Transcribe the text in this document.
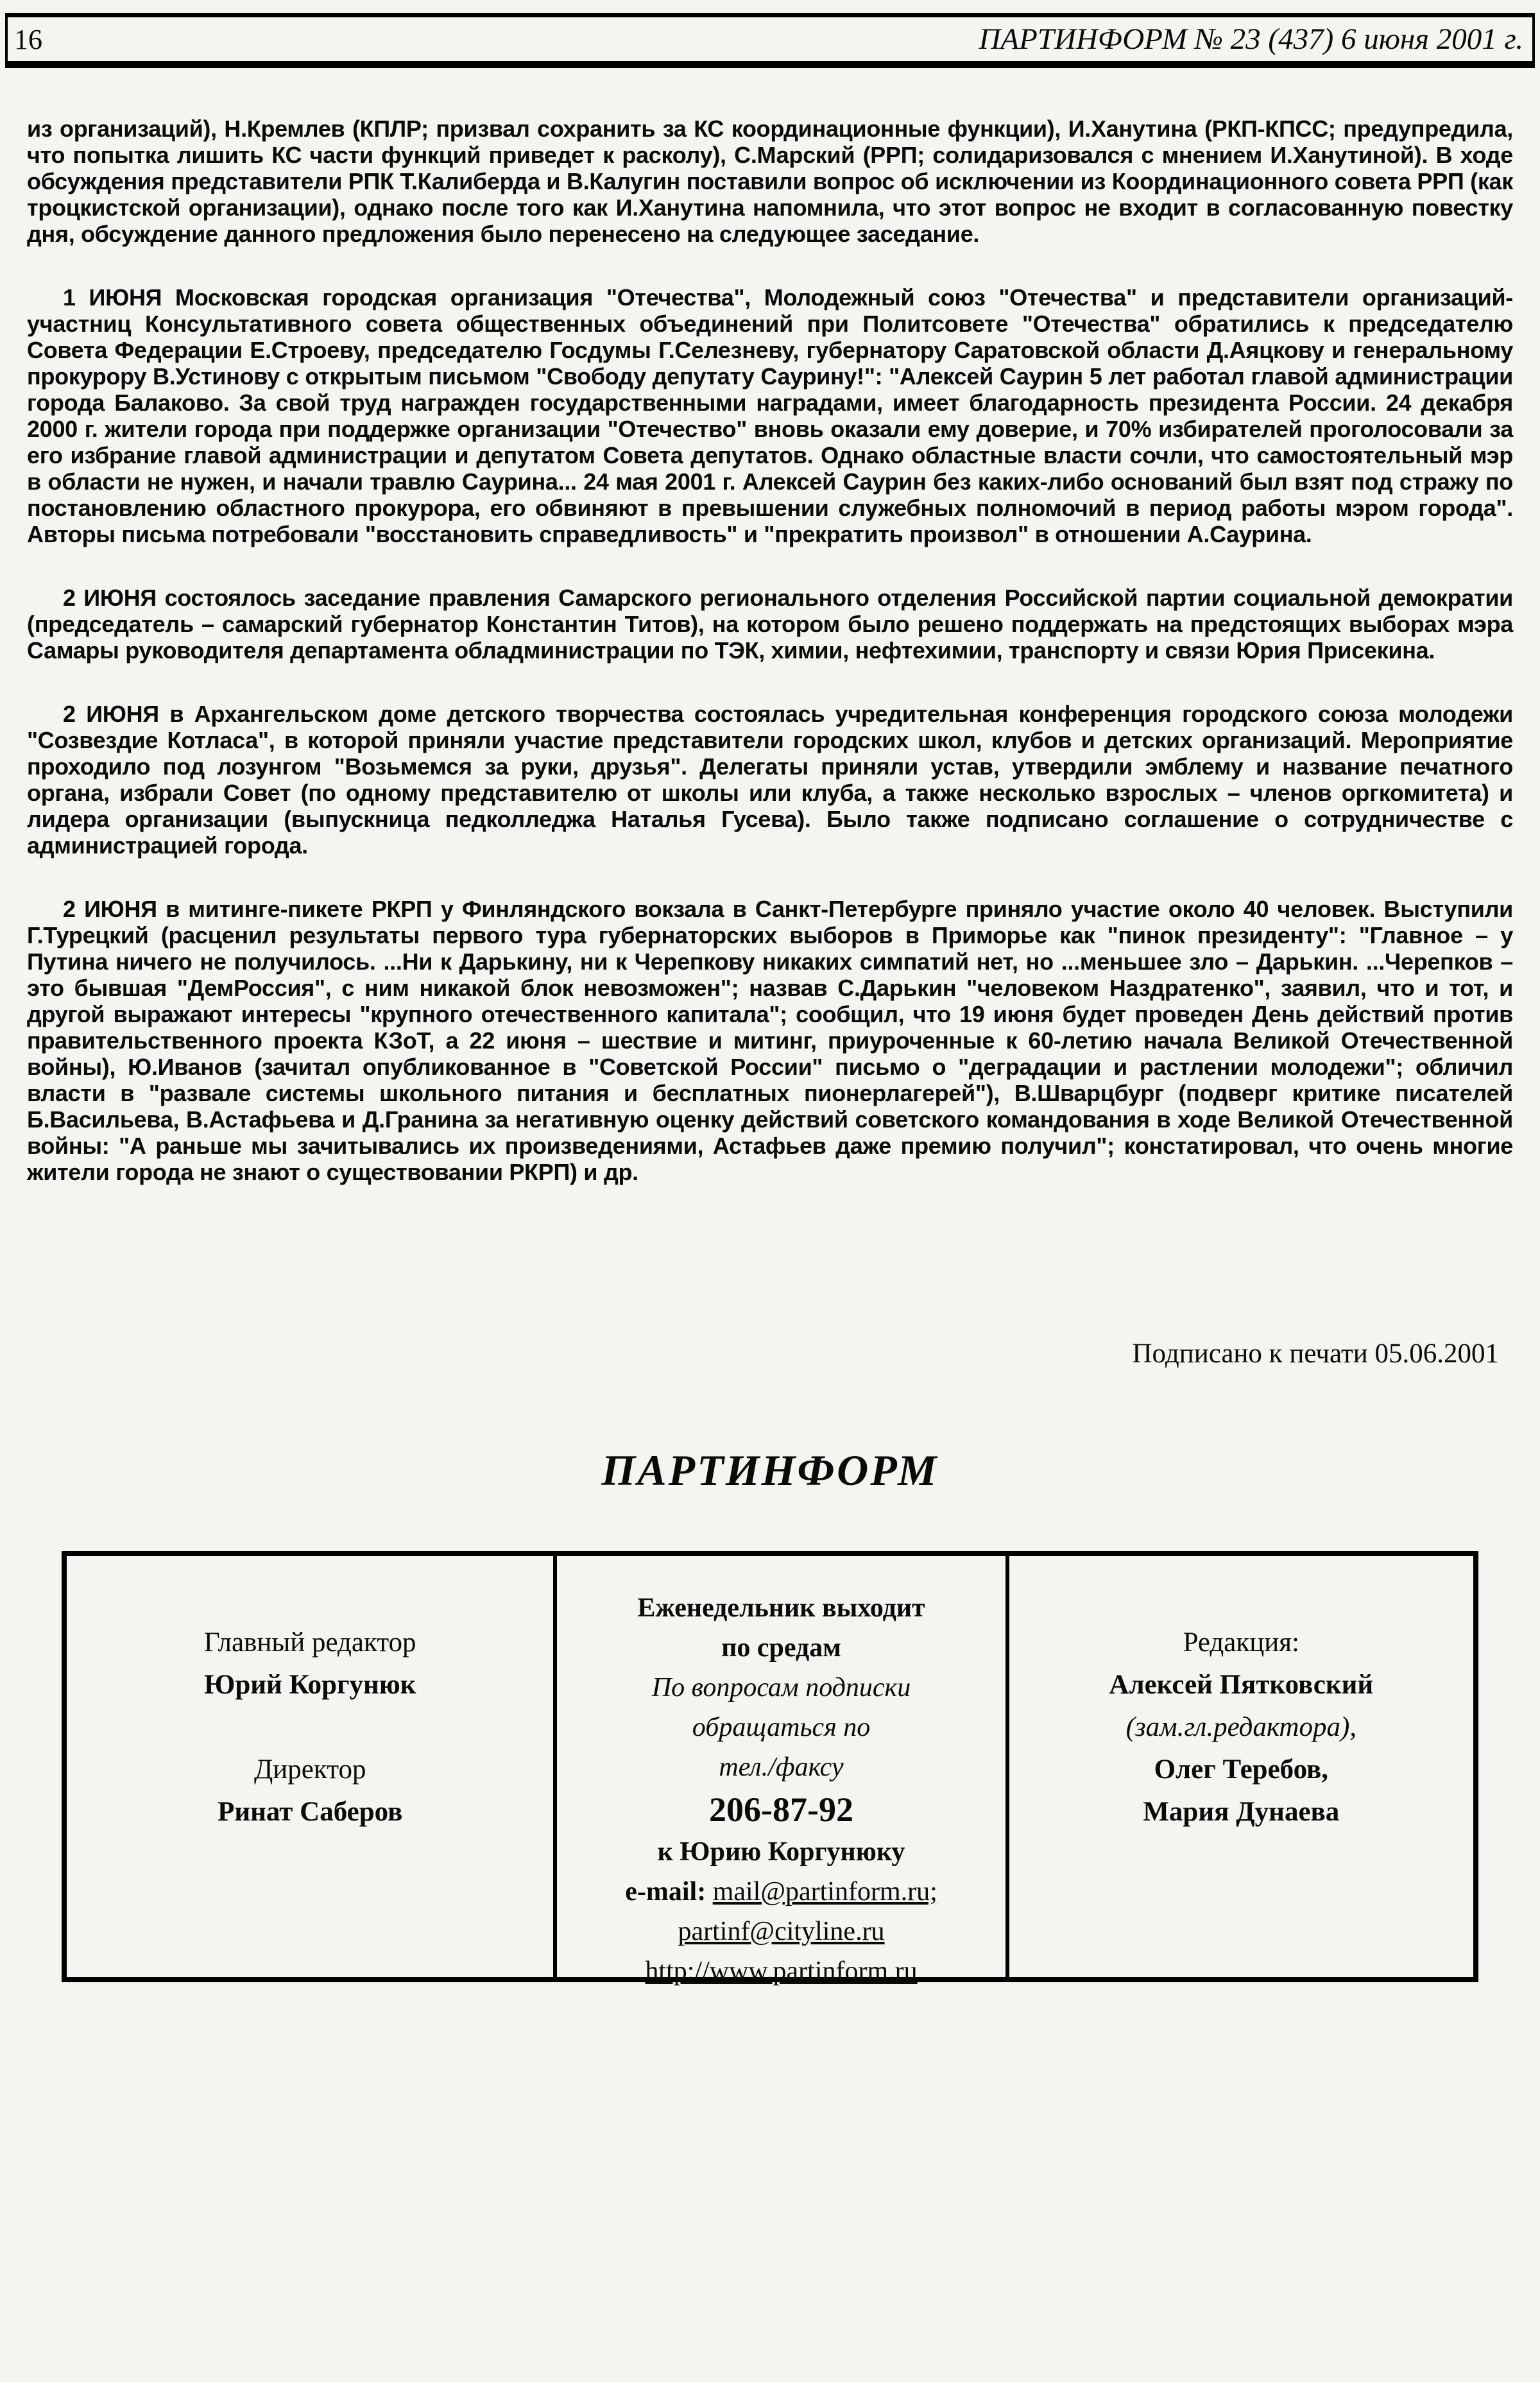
16	ПАРТИНФОРМ № 23 (437) 6 июня 2001 г.

из организаций), Н.Кремлев (КПЛР; призвал сохранить за КС координационные функции), И.Ханутина (РКП-КПСС; предупредила, что попытка лишить КС части функций приведет к расколу), С.Марский (РРП; солидаризовался с мнением И.Ханутиной). В ходе обсуждения представители РПК Т.Калиберда и В.Калугин поставили вопрос об исключении из Координационного совета РРП (как троцкистской организации), однако после того как И.Ханутина напомнила, что этот вопрос не входит в согласованную повестку дня, обсуждение данного предложения было перенесено на следующее заседание.

1 ИЮНЯ Московская городская организация "Отечества", Молодежный союз "Отечества" и представители организаций-участниц Консультативного совета общественных объединений при Политсовете "Отечества" обратились к председателю Совета Федерации Е.Строеву, председателю Госдумы Г.Селезневу, губернатору Саратовской области Д.Аяцкову и генеральному прокурору В.Устинову с открытым письмом "Свободу депутату Саурину!": "Алексей Саурин 5 лет работал главой администрации города Балаково. За свой труд награжден государственными наградами, имеет благодарность президента России. 24 декабря 2000 г. жители города при поддержке организации "Отечество" вновь оказали ему доверие, и 70% избирателей проголосовали за его избрание главой администрации и депутатом Совета депутатов. Однако областные власти сочли, что самостоятельный мэр в области не нужен, и начали травлю Саурина... 24 мая 2001 г. Алексей Саурин без каких-либо оснований был взят под стражу по постановлению областного прокурора, его обвиняют в превышении служебных полномочий в период работы мэром города". Авторы письма потребовали "восстановить справедливость" и "прекратить произвол" в отношении А.Саурина.

2 ИЮНЯ состоялось заседание правления Самарского регионального отделения Российской партии социальной демократии (председатель – самарский губернатор Константин Титов), на котором было решено поддержать на предстоящих выборах мэра Самары руководителя департамента обладминистрации по ТЭК, химии, нефтехимии, транспорту и связи Юрия Присекина.

2 ИЮНЯ в Архангельском доме детского творчества состоялась учредительная конференция городского союза молодежи "Созвездие Котласа", в которой приняли участие представители городских школ, клубов и детских организаций. Мероприятие проходило под лозунгом "Возьмемся за руки, друзья". Делегаты приняли устав, утвердили эмблему и название печатного органа, избрали Совет (по одному представителю от школы или клуба, а также несколько взрослых – членов оргкомитета) и лидера организации (выпускница педколледжа Наталья Гусева). Было также подписано соглашение о сотрудничестве с администрацией города.

2 ИЮНЯ в митинге-пикете РКРП у Финляндского вокзала в Санкт-Петербурге приняло участие около 40 человек. Выступили Г.Турецкий (расценил результаты первого тура губернаторских выборов в Приморье как "пинок президенту": "Главное – у Путина ничего не получилось. ...Ни к Дарькину, ни к Черепкову никаких симпатий нет, но ...меньшее зло – Дарькин. ...Черепков – это бывшая "ДемРоссия", с ним никакой блок невозможен"; назвав С.Дарькин "человеком Наздратенко", заявил, что и тот, и другой выражают интересы "крупного отечественного капитала"; сообщил, что 19 июня будет проведен День действий против правительственного проекта КЗоТ, а 22 июня – шествие и митинг, приуроченные к 60-летию начала Великой Отечественной войны), Ю.Иванов (зачитал опубликованное в "Советской России" письмо о "деградации и растлении молодежи"; обличил власти в "развале системы школьного питания и бесплатных пионерлагерей"), В.Шварцбург (подверг критике писателей Б.Васильева, В.Астафьева и Д.Гранина за негативную оценку действий советского командования в ходе Великой Отечественной войны: "А раньше мы зачитывались их произведениями, Астафьев даже премию получил"; констатировал, что очень многие жители города не знают о существовании РКРП) и др.

Подписано к печати 05.06.2001
ПАРТИНФОРМ
Главный редактор
Юрий Коргунюк
Директор
Ринат Саберов
Еженедельник выходит
по средам
По вопросам подписки
обращаться по
тел./факсу
206-87-92
к Юрию Коргунюку
e-mail: mail@partinform.ru;
partinf@cityline.ru
http://www.partinform.ru
Редакция:
Алексей Пятковский
(зам.гл.редактора),
Олег Теребов,
Мария Дунаева
